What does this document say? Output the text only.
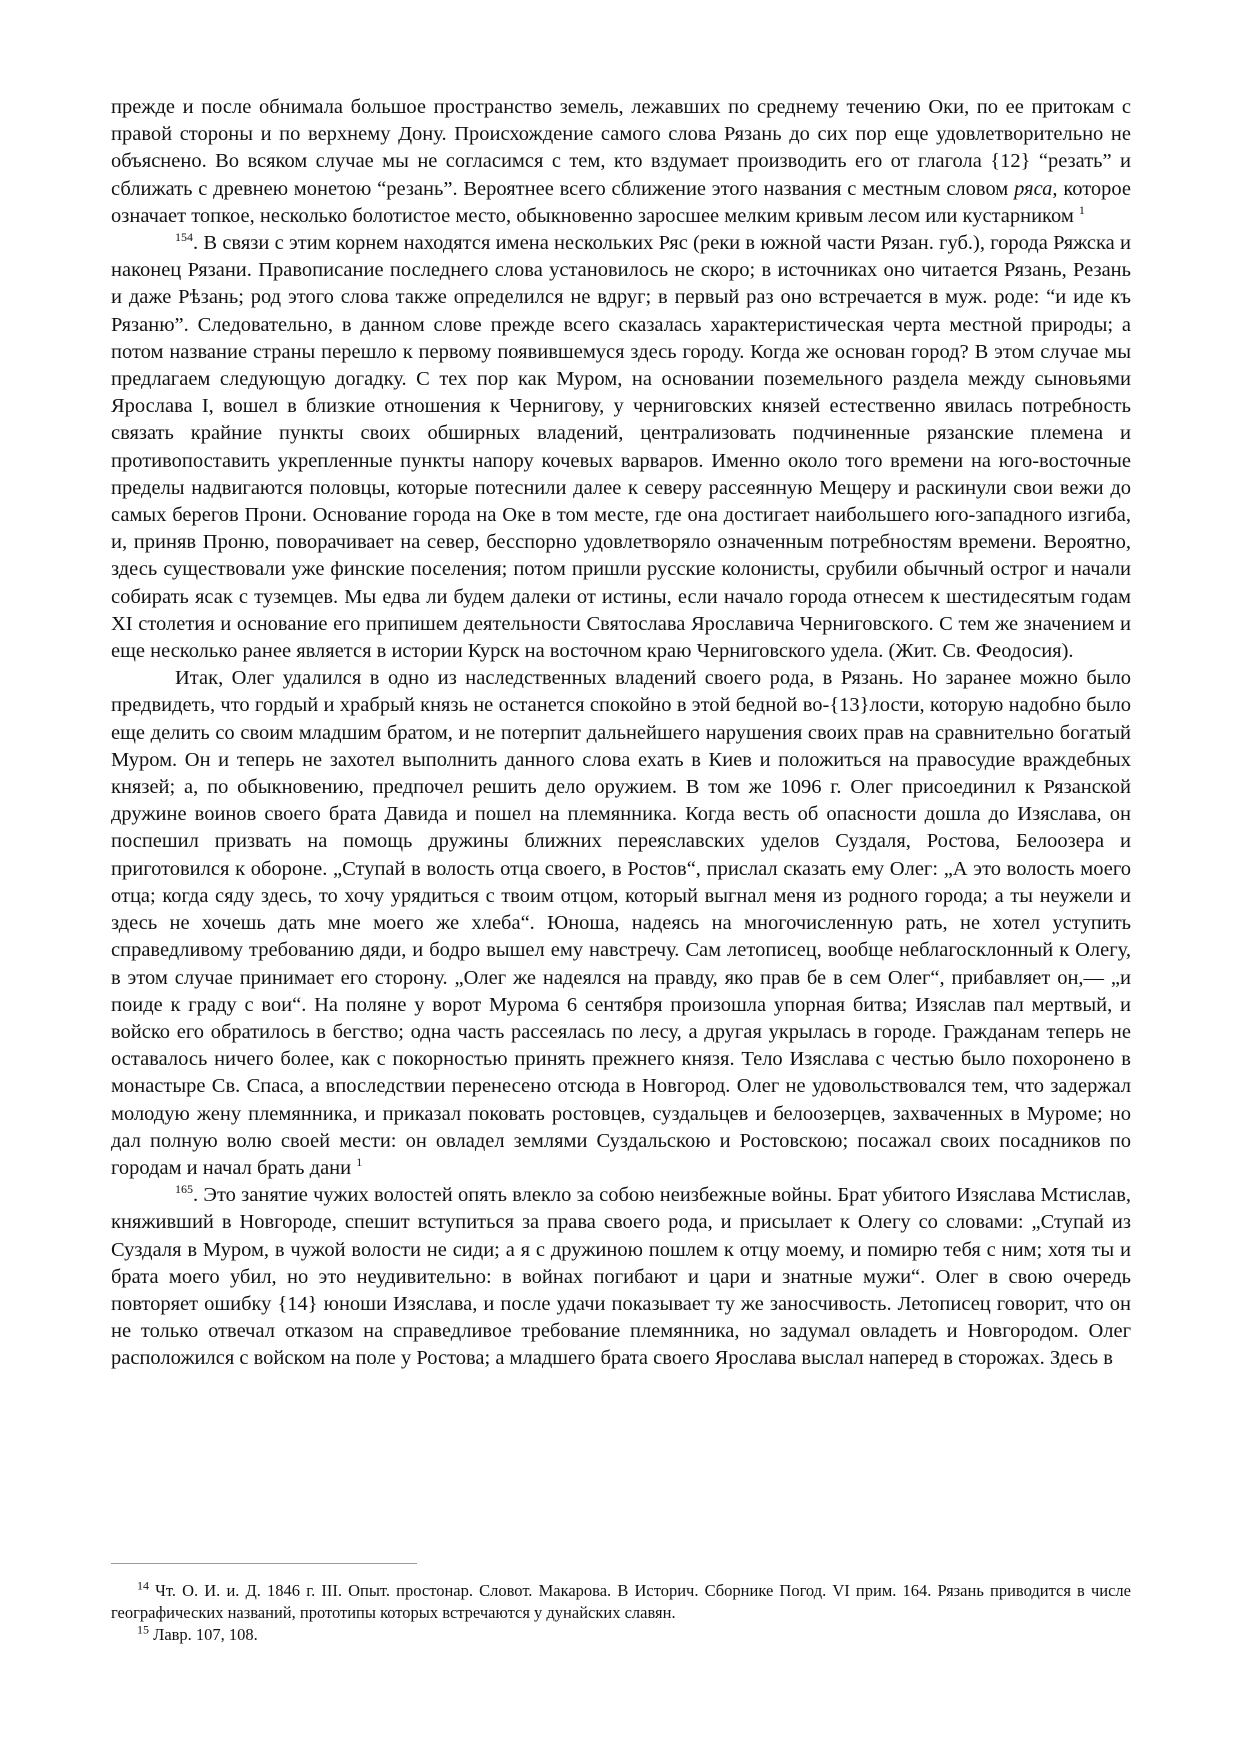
прежде и после обнимала большое пространство земель, лежавших по среднему течению Оки, по ее притокам с правой стороны и по верхнему Дону. Происхождение самого слова Рязань до сих пор еще удовлетворительно не объяснено. Во всяком случае мы не согласимся с тем, кто вздумает производить его от глагола {12} “резать” и сближать с древнею монетою “резань”. Вероятнее всего сближение этого названия с местным словом ряса, которое означает топкое, несколько болотистое место, обыкновенно заросшее мелким кривым лесом или кустарником $^1$

$^{154}$. В связи с этим корнем находятся имена нескольких Ряс (реки в южной части Рязан. губ.), города Ряжска и наконец Рязани. Правописание последнего слова установилось не скоро; в источниках оно читается Рязань, Резань и даже Рѣзань; род этого слова также определился не вдруг; в первый раз оно встречается в муж. роде: “и иде къ Рязаню”. Следовательно, в данном слове прежде всего сказалась характеристическая черта местной природы; а потом название страны перешло к первому появившемуся здесь городу. Когда же основан город? В этом случае мы предлагаем следующую догадку. С тех пор как Муром, на основании поземельного раздела между сыновьями Ярослава I, вошел в близкие отношения к Чернигову, у черниговских князей естественно явилась потребность связать крайние пункты своих обширных владений, централизовать подчиненные рязанские племена и противопоставить укрепленные пункты напору кочевых варваров. Именно около того времени на юго-восточные пределы надвигаются половцы, которые потеснили далее к северу рассеянную Мещеру и раскинули свои вежи до самых берегов Прони. Основание города на Оке в том месте, где она достигает наибольшего юго-западного изгиба, и, приняв Проню, поворачивает на север, бесспорно удовлетворяло означенным потребностям времени. Вероятно, здесь существовали уже финские поселения; потом пришли русские колонисты, срубили обычный острог и начали собирать ясак с туземцев. Мы едва ли будем далеки от истины, если начало города отнесем к шестидесятым годам XI столетия и основание его припишем деятельности Святослава Ярославича Черниговского. С тем же значением и еще несколько ранее является в истории Курск на восточном краю Черниговского удела. (Жит. Св. Феодосия).

Итак, Олег удалился в одно из наследственных владений своего рода, в Рязань. Но заранее можно было предвидеть, что гордый и храбрый князь не останется спокойно в этой бедной во-{13}лости, которую надобно было еще делить со своим младшим братом, и не потерпит дальнейшего нарушения своих прав на сравнительно богатый Муром. Он и теперь не захотел выполнить данного слова ехать в Киев и положиться на правосудие враждебных князей; а, по обыкновению, предпочел решить дело оружием. В том же 1096 г. Олег присоединил к Рязанской дружине воинов своего брата Давида и пошел на племянника. Когда весть об опасности дошла до Изяслава, он поспешил призвать на помощь дружины ближних переяславских уделов Суздаля, Ростова, Белоозера и приготовился к обороне. „Ступай в волость отца своего, в Ростов“, прислал сказать ему Олег: „А это волость моего отца; когда сяду здесь, то хочу урядиться с твоим отцом, который выгнал меня из родного города; а ты неужели и здесь не хочешь дать мне моего же хлеба“. Юноша, надеясь на многочисленную рать, не хотел уступить справедливому требованию дяди, и бодро вышел ему навстречу. Сам летописец, вообще неблагосклонный к Олегу, в этом случае принимает его сторону. „Олег же надеялся на правду, яко прав бе в сем Олег“, прибавляет он,— „и поиде к граду с вои“. На поляне у ворот Мурома 6 сентября произошла упорная битва; Изяслав пал мертвый, и войско его обратилось в бегство; одна часть рассеялась по лесу, а другая укрылась в городе. Гражданам теперь не оставалось ничего более, как с покорностью принять прежнего князя. Тело Изяслава с честью было похоронено в монастыре Св. Спаса, а впоследствии перенесено отсюда в Новгород. Олег не удовольствовался тем, что задержал молодую жену племянника, и приказал поковать ростовцев, суздальцев и белоозерцев, захваченных в Муроме; но дал полную волю своей мести: он овладел землями Суздальскою и Ростовскою; посажал своих посадников по городам и начал брать дани $^1$

$^{165}$. Это занятие чужих волостей опять влекло за собою неизбежные войны. Брат убитого Изяслава Мстислав, княживший в Новгороде, спешит вступиться за права своего рода, и присылает к Олегу со словами: „Ступай из Суздаля в Муром, в чужой волости не сиди; а я с дружиною пошлем к отцу моему, и помирю тебя с ним; хотя ты и брата моего убил, но это неудивительно: в войнах погибают и цари и знатные мужи“. Олег в свою очередь повторяет ошибку {14} юноши Изяслава, и после удачи показывает ту же заносчивость. Летописец говорит, что он не только отвечал отказом на справедливое требование племянника, но задумал овладеть и Новгородом. Олег расположился с войском на поле у Ростова; а младшего брата своего Ярослава выслал наперед в сторожах. Здесь в

$^{14}$ Чт. О. И. и. Д. 1846 г. III. Опыт. простонар. Словот. Макарова. В Историч. Сборнике Погод. VI прим. 164. Рязань приводится в числе географических названий, прототипы которых встречаются у дунайских славян.

$^{15}$ Лавр. 107, 108.
